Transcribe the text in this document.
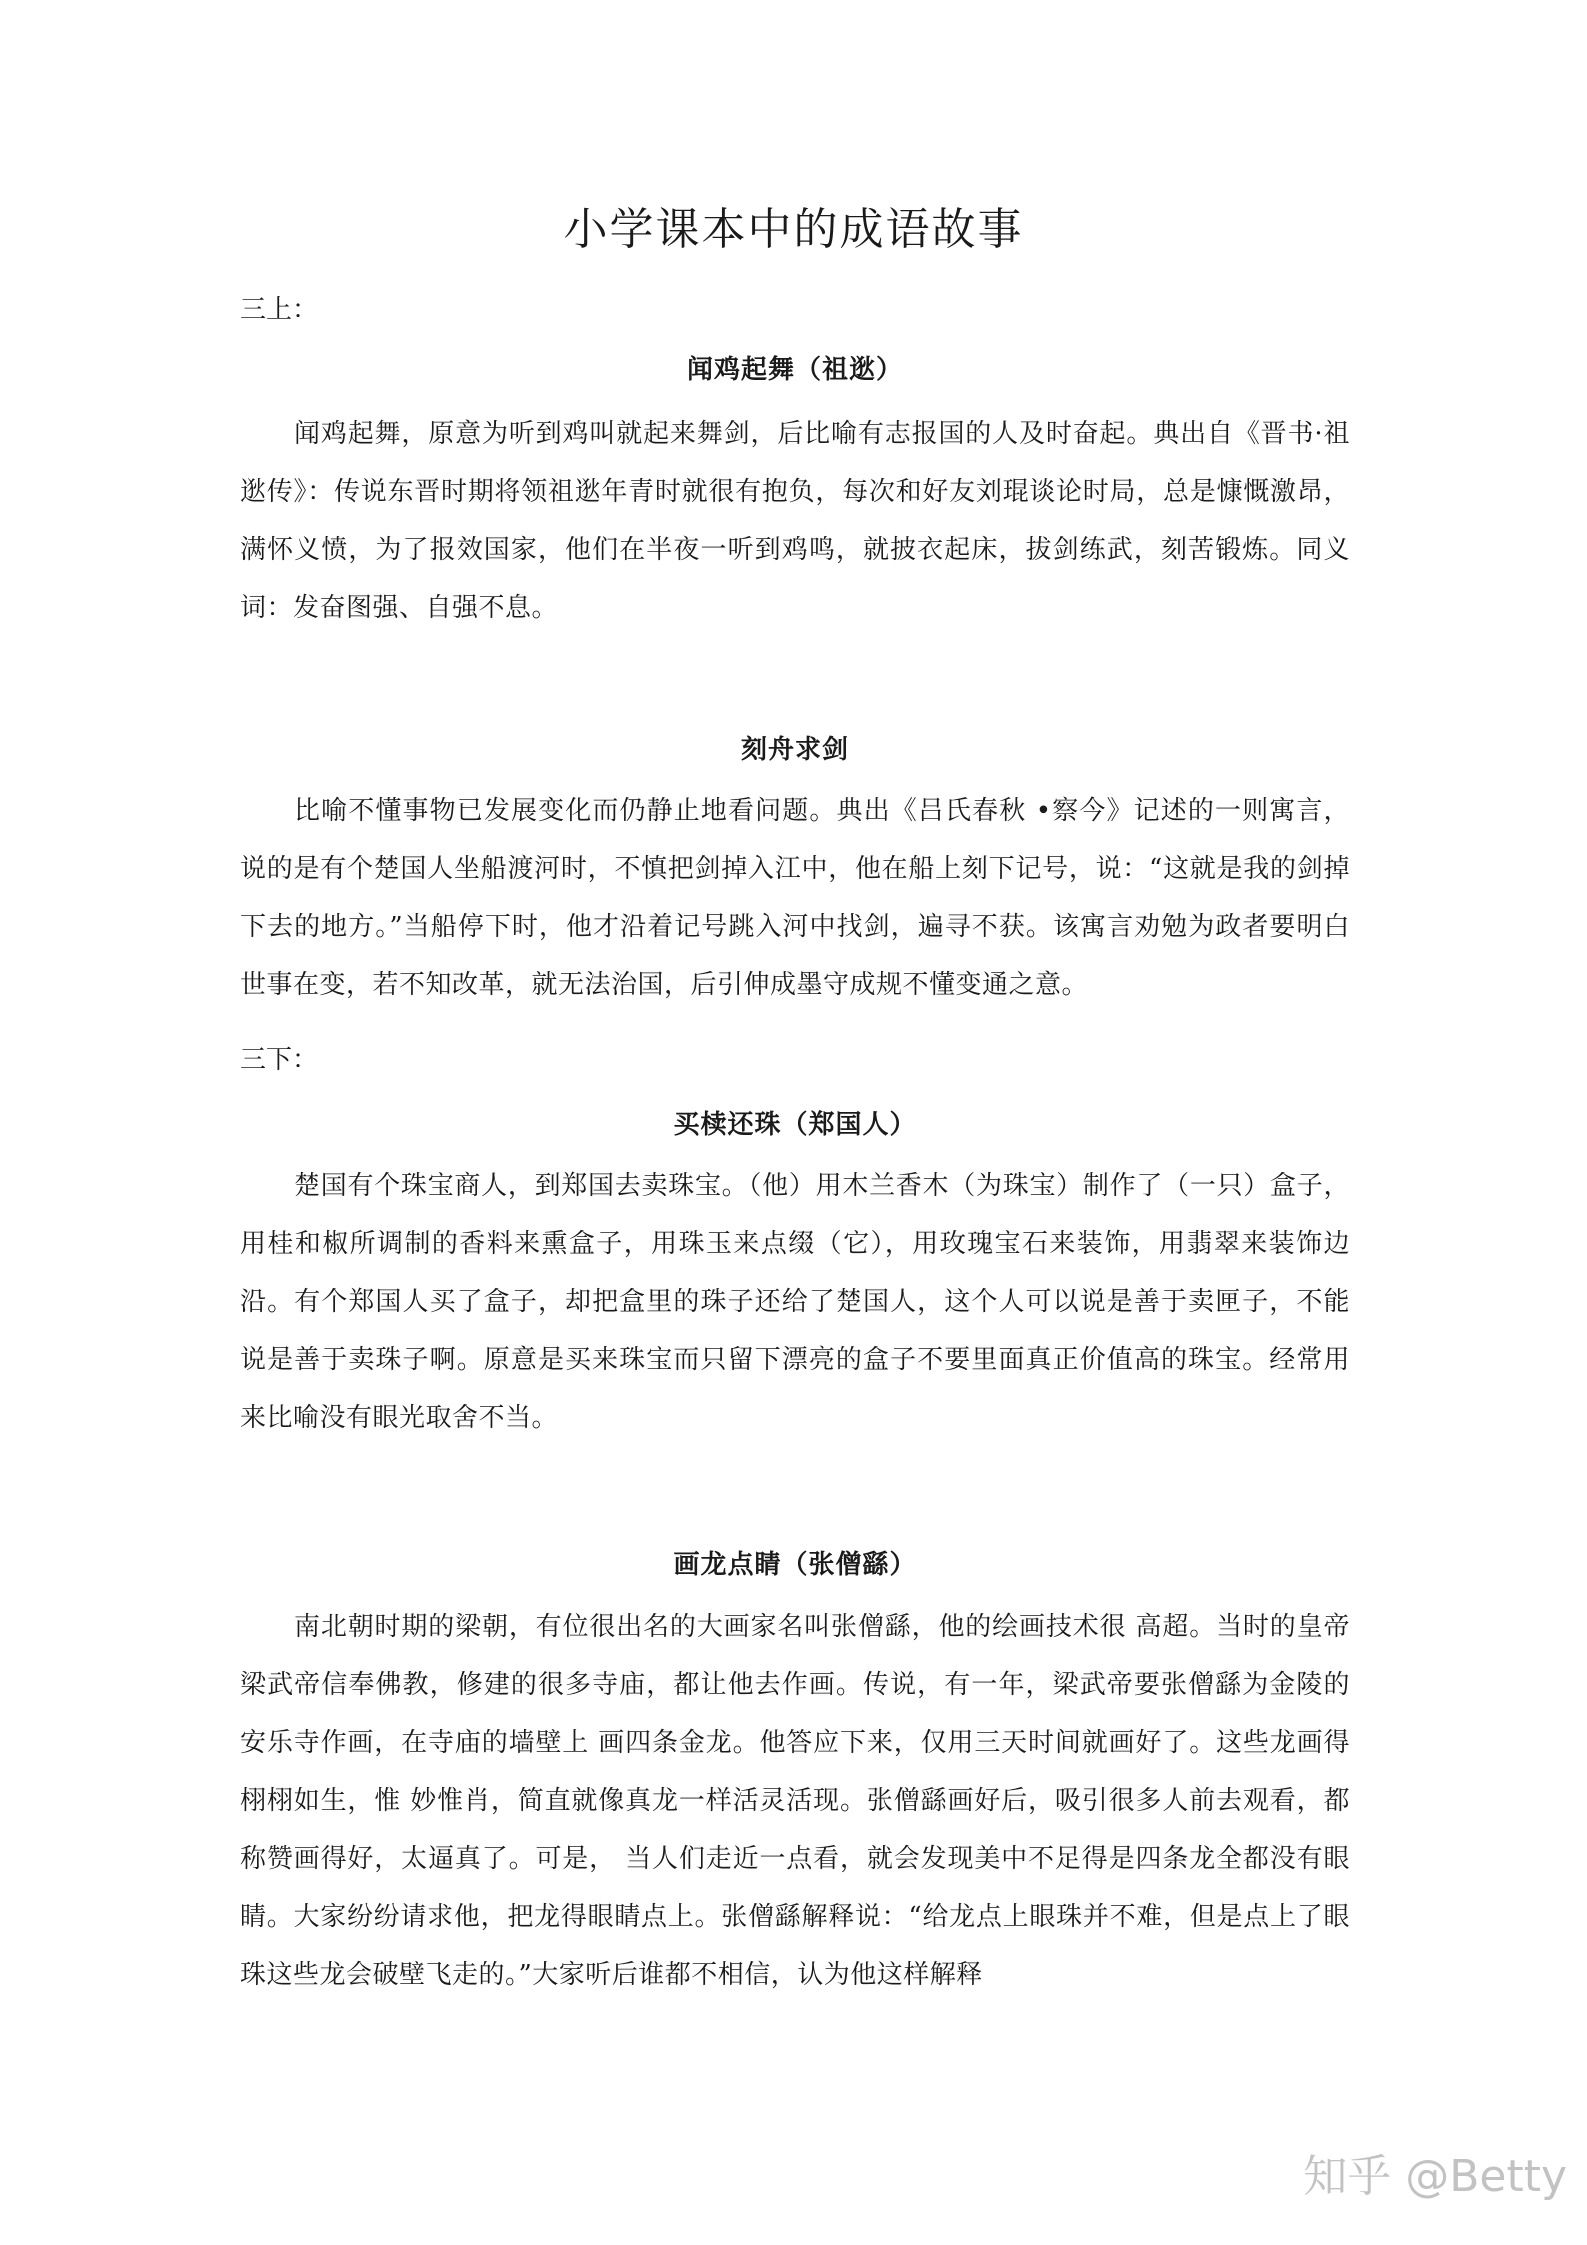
小学课本中的成语故事
三上：
闻鸡起舞（祖逖）

闻鸡起舞，原意为听到鸡叫就起来舞剑，后比喻有志报国的人及时奋起。典出自《晋书·祖逖传》：传说东晋时期将领祖逖年青时就很有抱负，每次和好友刘琨谈论时局，总是慷慨激昂，满怀义愤，为了报效国家，他们在半夜一听到鸡鸣，就披衣起床，拔剑练武，刻苦锻炼。同义词：发奋图强、自强不息。

刻舟求剑

比喻不懂事物已发展变化而仍静止地看问题。典出《吕氏春秋 •察今》记述的一则寓言，说的是有个楚国人坐船渡河时，不慎把剑掉入江中，他在船上刻下记号，说：“这就是我的剑掉下去的地方。”当船停下时，他才沿着记号跳入河中找剑，遍寻不获。该寓言劝勉为政者要明白世事在变，若不知改革，就无法治国，后引伸成墨守成规不懂变通之意。

三下：
买椟还珠（郑国人）

楚国有个珠宝商人，到郑国去卖珠宝。（他）用木兰香木（为珠宝）制作了（一只）盒子，用桂和椒所调制的香料来熏盒子，用珠玉来点缀（它），用玫瑰宝石来装饰，用翡翠来装饰边沿。有个郑国人买了盒子，却把盒里的珠子还给了楚国人，这个人可以说是善于卖匣子，不能说是善于卖珠子啊。原意是买来珠宝而只留下漂亮的盒子不要里面真正价值高的珠宝。经常用来比喻没有眼光取舍不当。

画龙点睛（张僧繇）

南北朝时期的梁朝，有位很出名的大画家名叫张僧繇，他的绘画技术很 高超。当时的皇帝梁武帝信奉佛教，修建的很多寺庙，都让他去作画。传说，有一年，梁武帝要张僧繇为金陵的安乐寺作画，在寺庙的墙壁上 画四条金龙。他答应下来，仅用三天时间就画好了。这些龙画得栩栩如生，惟 妙惟肖，简直就像真龙一样活灵活现。张僧繇画好后，吸引很多人前去观看，都称赞画得好，太逼真了。可是， 当人们走近一点看，就会发现美中不足得是四条龙全都没有眼睛。大家纷纷请求他，把龙得眼睛点上。张僧繇解释说：“给龙点上眼珠并不难，但是点上了眼 珠这些龙会破壁飞走的。”大家听后谁都不相信，认为他这样解释

知乎 @Betty
